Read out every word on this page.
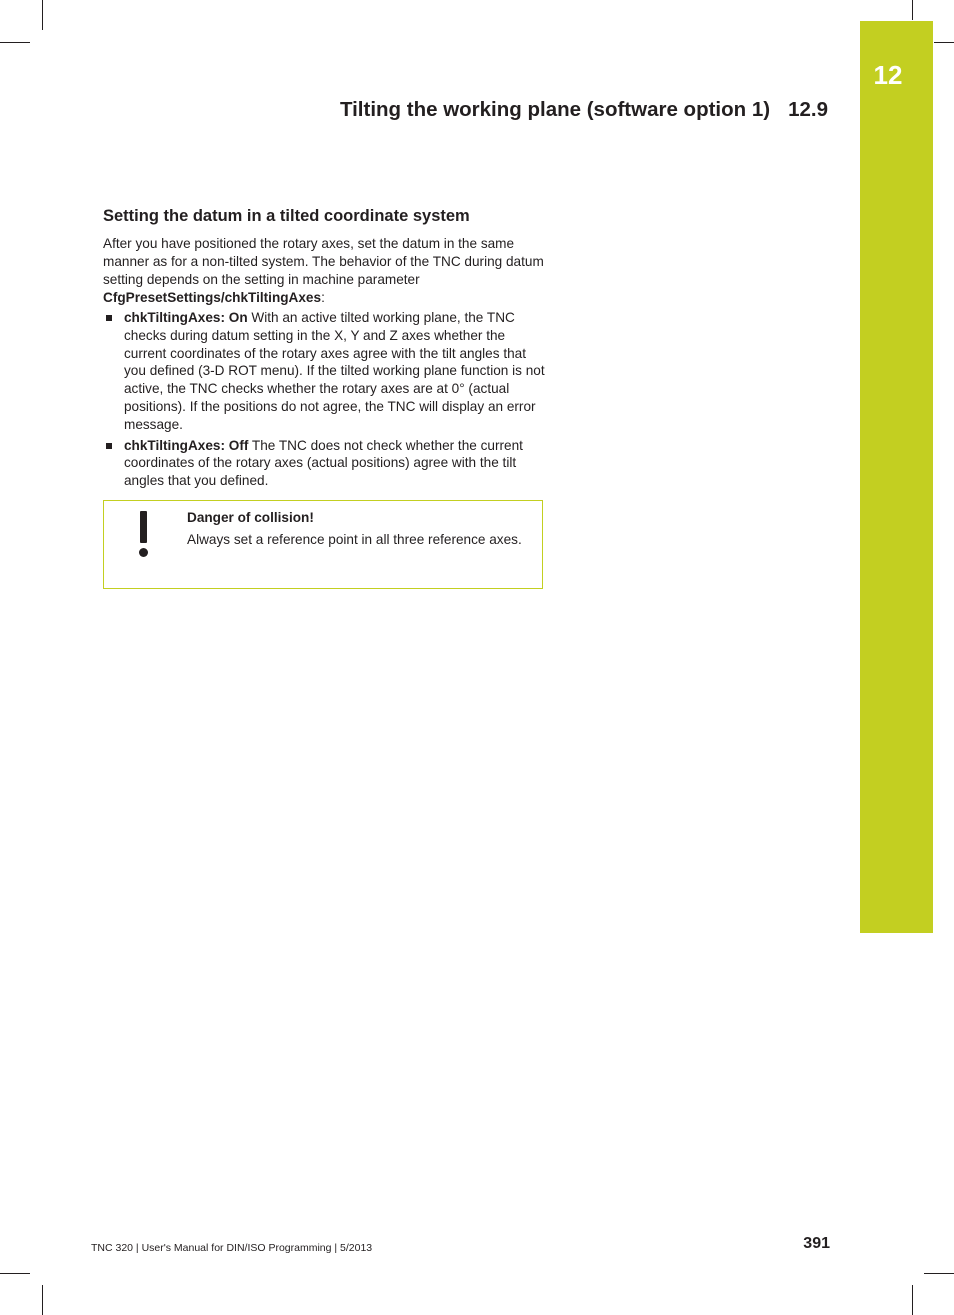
12
Tilting the working plane (software option 1) 12.9
Setting the datum in a tilted coordinate system

After you have positioned the rotary axes, set the datum in the same manner as for a non-tilted system. The behavior of the TNC during datum setting depends on the setting in machine parameter
CfgPresetSettings/chkTiltingAxes:

chkTiltingAxes: On With an active tilted working plane, the TNC checks during datum setting in the X, Y and Z axes whether the current coordinates of the rotary axes agree with the tilt angles that you defined (3-D ROT menu). If the tilted working plane function is not active, the TNC checks whether the rotary axes are at 0° (actual positions). If the positions do not agree, the TNC will display an error message.
chkTiltingAxes: Off The TNC does not check whether the current coordinates of the rotary axes (actual positions) agree with the tilt angles that you defined.
Danger of collision!
Always set a reference point in all three reference axes.
TNC 320 | User's Manual for DIN/ISO Programming | 5/2013	391
